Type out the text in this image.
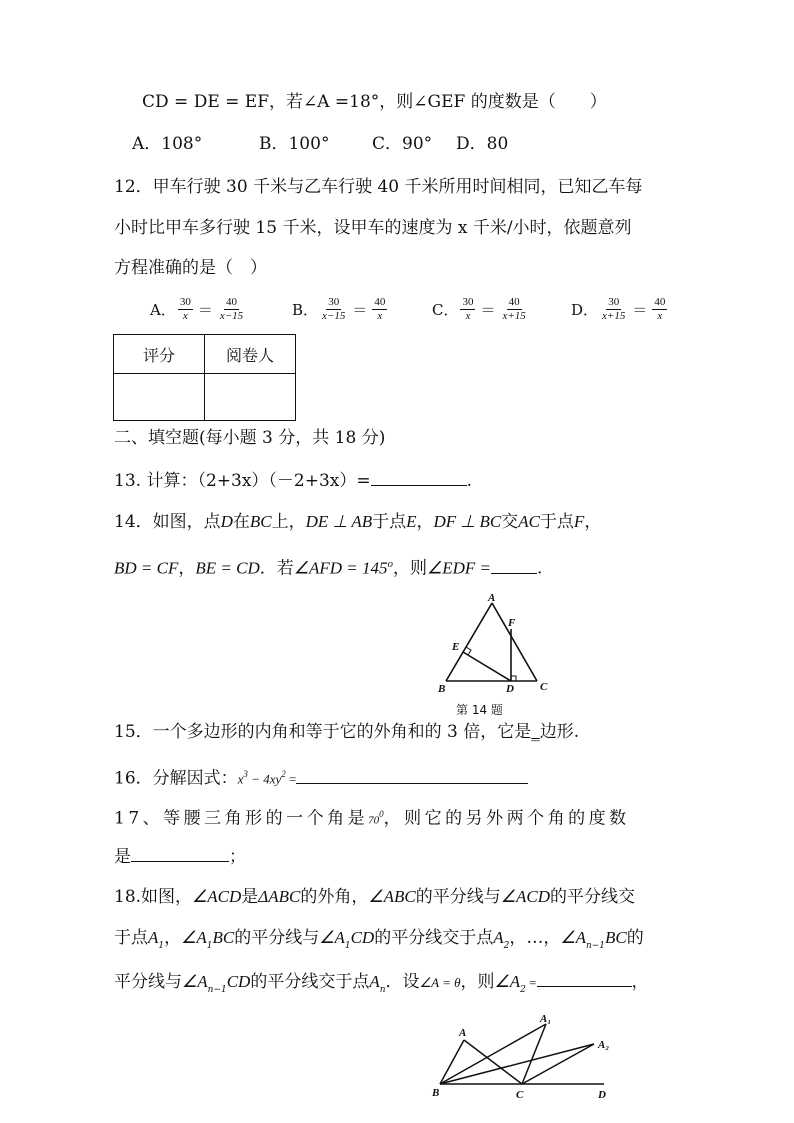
CD = DE = EF，若∠A =18°，则∠GEF 的度数是（　　）
A．108°	B．100°	C．90° D．80
12．甲车行驶 30 千米与乙车行驶 40 千米所用时间相同，已知乙车每
小时比甲车多行驶 15 千米，设甲车的速度为 x 千米/小时，依题意列
方程准确的是（　）
A． $\frac{30}{x} = \frac{40}{x-15}$	B． $\frac{30}{x-15} = \frac{40}{x}$	C． $\frac{30}{x} = \frac{40}{x+15}$	D． $\frac{30}{x+15} = \frac{40}{x}$
评分	阅卷人

二、填空题(每小题 3 分，共 18 分)
13. 计算：（2+3x）（－2+3x）=	.
14．如图，点D在BC上，DE ⊥ AB于点E，DF ⊥ BC交AC于点F，
BD = CF，BE = CD．若∠AFD = $145^o$，则∠EDF =	.
A
F
E
B	D C
第 14 题
15．一个多边形的内角和等于它的外角和的 3 倍，它是_边形.
16．分解因式：$x^3 - 4xy^2$ =
17、等腰三角形的一个角是$70^0$，则它的另外两个角的度数
是	；
18.如图，∠ACD是ΔABC的外角，∠ABC的平分线与∠ACD的平分线交
于点$A_1$，$\angle A_1BC$的平分线与$\angle A_1CD$的平分线交于点$A_2$，…，$\angle A_{n-1}BC$的
平分线与$\angle A_{n-1}CD$的平分线交于点$A_n$．设∠A = θ，则$\angle A_2$ =	，
A
A₁
A₂
B	C	D
